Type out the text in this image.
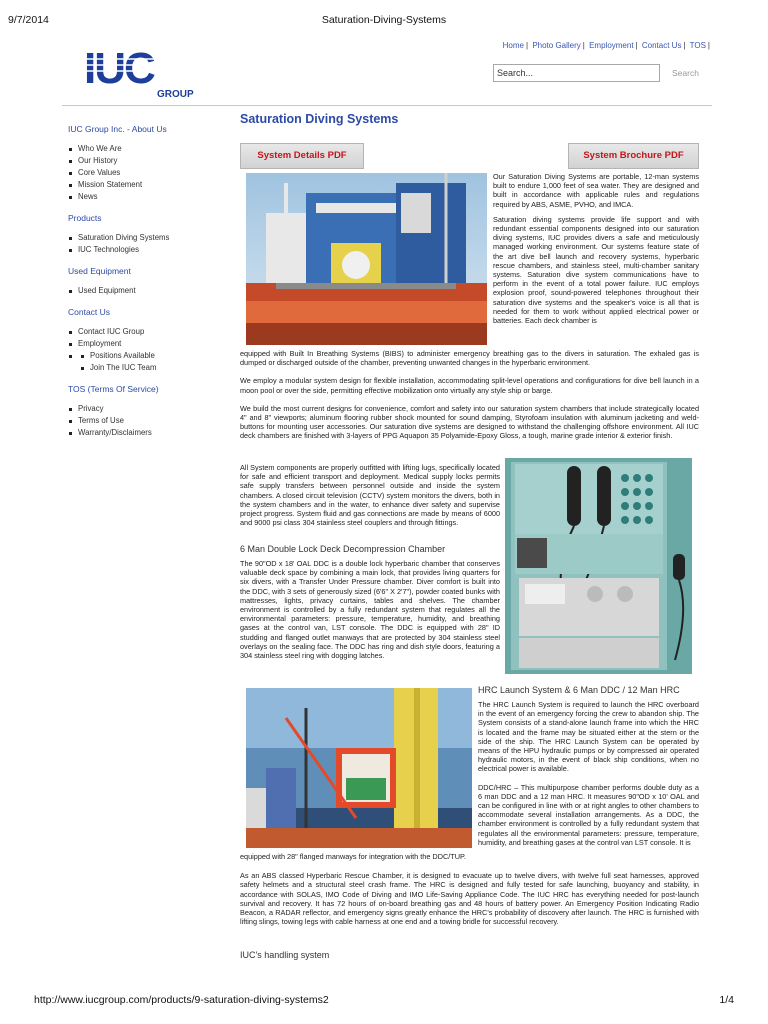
9/7/2014	Saturation-Diving-Systems
IUC
GROUP
Home | Photo Gallery | Employment | Contact Us | TOS |
Search...
Search
IUC Group Inc. - About Us
Who We Are
Our History
Core Values
Mission Statement
News
Products
Saturation Diving Systems
IUC Technologies
Used Equipment
Used Equipment
Contact Us
Contact IUC Group
Employment
Positions Available
Join The IUC Team
TOS (Terms Of Service)
Privacy
Terms of Use
Warranty/Disclaimers
Saturation Diving Systems
System Details PDF	System Brochure PDF

Our Saturation Diving Systems are portable, 12-man systems built to endure 1,000 feet of sea water. They are designed and built in accordance with applicable rules and regulations required by ABS, ASME, PVHO, and IMCA.

Saturation diving systems provide life support and with redundant essential components designed into our saturation diving systems, IUC provides divers a safe and meticulously managed working environment. Our systems feature state of the art dive bell launch and recovery systems, hyperbaric rescue chambers, and stainless steel, multi-chamber sanitary systems. Saturation dive system communications have to perform in the event of a total power failure. IUC employs explosion proof, sound-powered telephones throughout their saturation dive systems and the speaker's voice is all that is needed for them to work without applied electrical power or batteries. Each deck chamber is

equipped with Built In Breathing Systems (BIBS) to administer emergency breathing gas to the divers in saturation. The exhaled gas is dumped or discharged outside of the chamber, preventing unwanted changes in the hyperbaric environment.

We employ a modular system design for flexible installation, accommodating split-level operations and configurations for dive bell launch in a moon pool or over the side, permitting effective mobilization onto virtually any style ship or barge.

We build the most current designs for convenience, comfort and safety into our saturation system chambers that include strategically located 4" and 8" viewports; aluminum flooring rubber shock mounted for sound damping, Styrofoam insulation with aluminum jacketing and weld-buttons for mounting user accessories. Our saturation dive systems are designed to withstand the challenging offshore environment. All IUC deck chambers are finished with 3-layers of PPG Aquapon 35 Polyamide-Epoxy Gloss, a tough, marine grade interior & exterior finish.

All System components are properly outfitted with lifting lugs, specifically located for safe and efficient transport and deployment. Medical supply locks permits safe supply transfers between personnel outside and inside the system chambers. A closed circuit television (CCTV) system monitors the divers, both in the system chambers and in the water, to enhance diver safety and supervise project progress. System fluid and gas connections are made by means of 6000 and 9000 psi class 304 stainless steel couplers and through fittings.
6 Man Double Lock Deck Decompression Chamber
The 90"OD x 18' OAL DDC is a double lock hyperbaric chamber that conserves valuable deck space by combining a main lock, that provides living quarters for six divers, with a Transfer Under Pressure chamber. Diver comfort is built into the DDC, with 3 sets of generously sized (6'6" X 2'7"), powder coated bunks with mattresses, lights, privacy curtains, tables and shelves. The chamber environment is controlled by a fully redundant system that regulates all the environmental parameters: pressure, temperature, humidity, and breathing gases at the control van, LST console. The DDC is equipped with 28" ID studding and flanged outlet manways that are protected by 304 stainless steel overlays on the sealing face. The DDC has ring and dish style doors, featuring a 304 stainless steel ring with dogging latches.
HRC Launch System & 6 Man DDC / 12 Man HRC

The HRC Launch System is required to launch the HRC overboard in the event of an emergency forcing the crew to abandon ship. The System consists of a stand-alone launch frame into which the HRC is located and the frame may be situated either at the stern or the side of the ship. The HRC Launch System can be operated by means of the HPU hydraulic pumps or by compressed air operated hydraulic motors, in the event of black ship conditions, when no electrical power is available.

DDC/HRC – This multipurpose chamber performs double duty as a 6 man DDC and a 12 man HRC. It measures 90"OD x 10' OAL and can be configured in line with or at right angles to other chambers to accommodate several installation arrangements. As a DDC, the chamber environment is controlled by a fully redundant system that regulates all the environmental parameters: pressure, temperature, humidity, and breathing gases at the control van LST console. It is

equipped with 28" flanged manways for integration with the DDC/TUP.

As an ABS classed Hyperbaric Rescue Chamber, it is designed to evacuate up to twelve divers, with twelve full seat harnesses, approved safety helmets and a structural steel crash frame. The HRC is designed and fully tested for safe launching, buoyancy and stability, in accordance with SOLAS, IMO Code of Diving and IMO Life-Saving Appliance Code. The IUC HRC has everything needed for post-launch survival and recovery. It has 72 hours of on-board breathing gas and 48 hours of battery power. An Emergency Position Indicating Radio Beacon, a RADAR reflector, and emergency signs greatly enhance the HRC's probability of discovery after launch. The HRC is furnished with lifting slings, towing legs with cable harness at one end and a towing bridle for successful recovery.

IUC's handling system
http://www.iucgroup.com/products/9-saturation-diving-systems2	1/4
